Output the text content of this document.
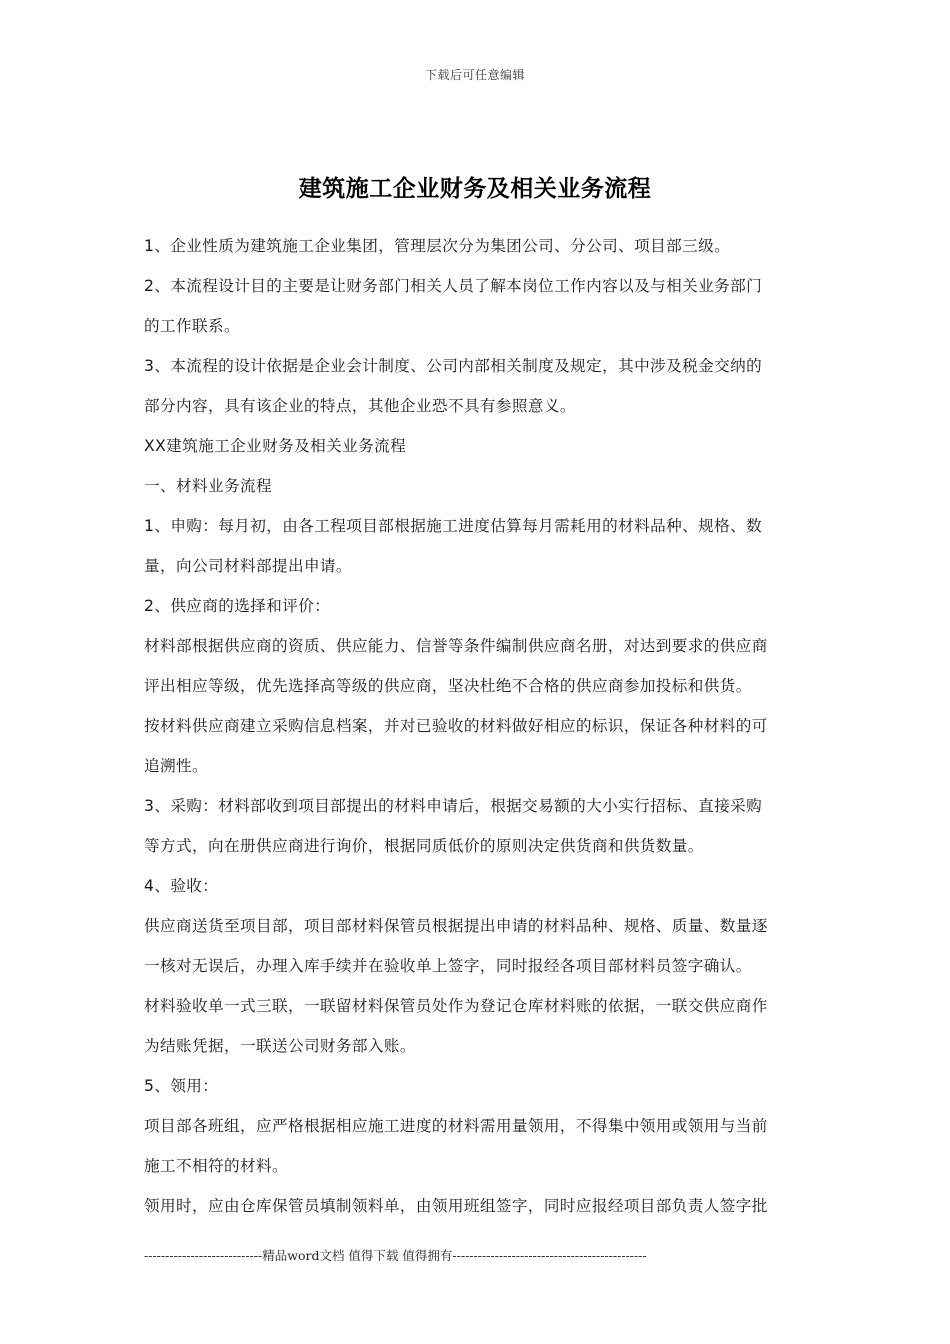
下载后可任意编辑
建筑施工企业财务及相关业务流程

1、企业性质为建筑施工企业集团，管理层次分为集团公司、分公司、项目部三级。

2、本流程设计目的主要是让财务部门相关人员了解本岗位工作内容以及与相关业务部门

的工作联系。

3、本流程的设计依据是企业会计制度、公司内部相关制度及规定，其中涉及税金交纳的

部分内容，具有该企业的特点，其他企业恐不具有参照意义。

XX建筑施工企业财务及相关业务流程

一、材料业务流程

1、申购：每月初，由各工程项目部根据施工进度估算每月需耗用的材料品种、规格、数

量，向公司材料部提出申请。

2、供应商的选择和评价：

材料部根据供应商的资质、供应能力、信誉等条件编制供应商名册，对达到要求的供应商

评出相应等级，优先选择高等级的供应商，坚决杜绝不合格的供应商参加投标和供货。

按材料供应商建立采购信息档案，并对已验收的材料做好相应的标识，保证各种材料的可

追溯性。

3、采购：材料部收到项目部提出的材料申请后，根据交易额的大小实行招标、直接采购

等方式，向在册供应商进行询价，根据同质低价的原则决定供货商和供货数量。

4、验收：

供应商送货至项目部，项目部材料保管员根据提出申请的材料品种、规格、质量、数量逐

一核对无误后，办理入库手续并在验收单上签字，同时报经各项目部材料员签字确认。

材料验收单一式三联，一联留材料保管员处作为登记仓库材料账的依据，一联交供应商作

为结账凭据，一联送公司财务部入账。

5、领用：

项目部各班组，应严格根据相应施工进度的材料需用量领用，不得集中领用或领用与当前

施工不相符的材料。

领用时，应由仓库保管员填制领料单，由领用班组签字，同时应报经项目部负责人签字批

----------------------------精品word文档 值得下载 值得拥有----------------------------------------------
